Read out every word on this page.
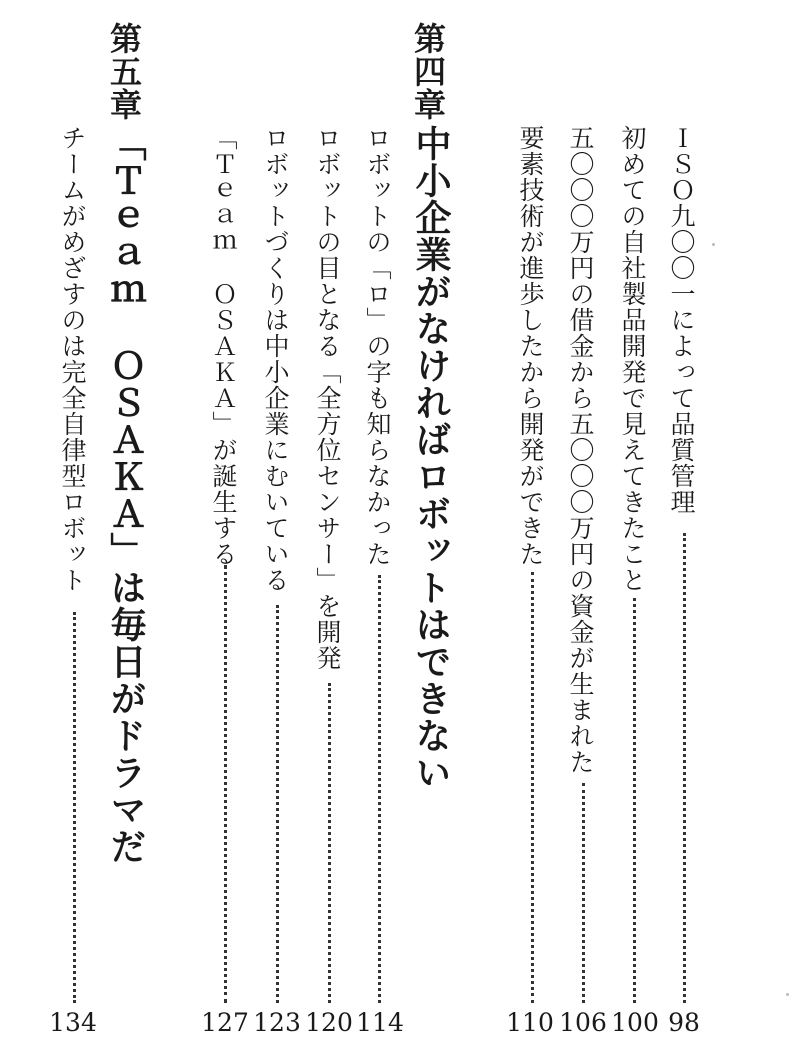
第四章
中小企業がなければロボットはできない	ＩＳＯ九〇〇一によって品質管理
98
初めての自社製品開発で見えてきたこと
100
五〇〇〇万円の借金から五〇〇〇万円の資金が生まれた
106
要素技術が進歩したから開発ができた
110
ロボットの「ロ」の字も知らなかった
114
ロボットの目となる「全方位センサー」を開発
120
ロボットづくりは中小企業にむいている
123
「Ｔｅａｍ　ＯＳＡＫＡ」が誕生する
127
第五章
「Ｔｅａｍ　ＯＳＡＫＡ」は毎日がドラマだ
チームがめざすのは完全自律型ロボット
134
